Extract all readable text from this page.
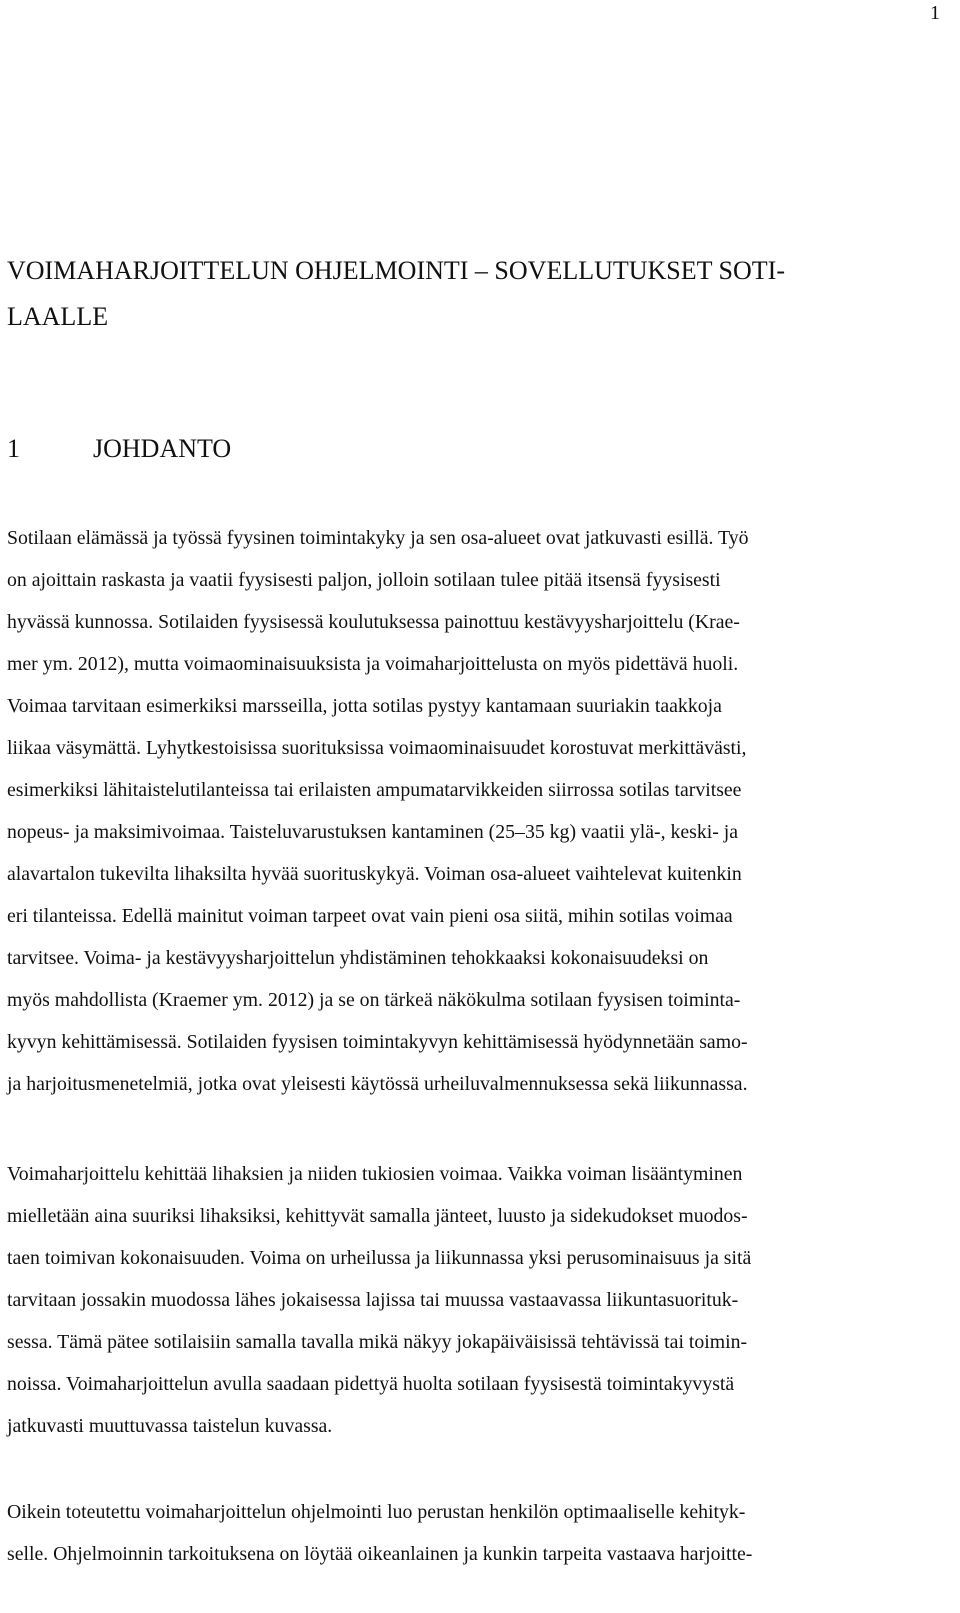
1
VOIMAHARJOITTELUN OHJELMOINTI – SOVELLUTUKSET SOTI-
LAALLE
1	JOHDANTO
Sotilaan elämässä ja työssä fyysinen toimintakyky ja sen osa-alueet ovat jatkuvasti esillä. Työ
on ajoittain raskasta ja vaatii fyysisesti paljon, jolloin sotilaan tulee pitää itsensä fyysisesti
hyvässä kunnossa. Sotilaiden fyysisessä koulutuksessa painottuu kestävyysharjoittelu (Krae-
mer ym. 2012), mutta voimaominaisuuksista ja voimaharjoittelusta on myös pidettävä huoli.
Voimaa tarvitaan esimerkiksi marsseilla, jotta sotilas pystyy kantamaan suuriakin taakkoja
liikaa väsymättä. Lyhytkestoisissa suorituksissa voimaominaisuudet korostuvat merkittävästi,
esimerkiksi lähitaistelutilanteissa tai erilaisten ampumatarvikkeiden siirrossa sotilas tarvitsee
nopeus- ja maksimivoimaa. Taisteluvarustuksen kantaminen (25–35 kg) vaatii ylä-, keski- ja
alavartalon tukevilta lihaksilta hyvää suorituskykyä. Voiman osa-alueet vaihtelevat kuitenkin
eri tilanteissa. Edellä mainitut voiman tarpeet ovat vain pieni osa siitä, mihin sotilas voimaa
tarvitsee. Voima- ja kestävyysharjoittelun yhdistäminen tehokkaaksi kokonaisuudeksi on
myös mahdollista (Kraemer ym. 2012) ja se on tärkeä näkökulma sotilaan fyysisen toiminta-
kyvyn kehittämisessä. Sotilaiden fyysisen toimintakyvyn kehittämisessä hyödynnetään samo-
ja harjoitusmenetelmiä, jotka ovat yleisesti käytössä urheiluvalmennuksessa sekä liikunnassa.
Voimaharjoittelu kehittää lihaksien ja niiden tukiosien voimaa. Vaikka voiman lisääntyminen
mielletään aina suuriksi lihaksiksi, kehittyvät samalla jänteet, luusto ja sidekudokset muodos-
taen toimivan kokonaisuuden. Voima on urheilussa ja liikunnassa yksi perusominaisuus ja sitä
tarvitaan jossakin muodossa lähes jokaisessa lajissa tai muussa vastaavassa liikuntasuorituk-
sessa. Tämä pätee sotilaisiin samalla tavalla mikä näkyy jokapäiväisissä tehtävissä tai toimin-
noissa. Voimaharjoittelun avulla saadaan pidettyä huolta sotilaan fyysisestä toimintakyvystä
jatkuvasti muuttuvassa taistelun kuvassa.
Oikein toteutettu voimaharjoittelun ohjelmointi luo perustan henkilön optimaaliselle kehityk-
selle. Ohjelmoinnin tarkoituksena on löytää oikeanlainen ja kunkin tarpeita vastaava harjoitte-
